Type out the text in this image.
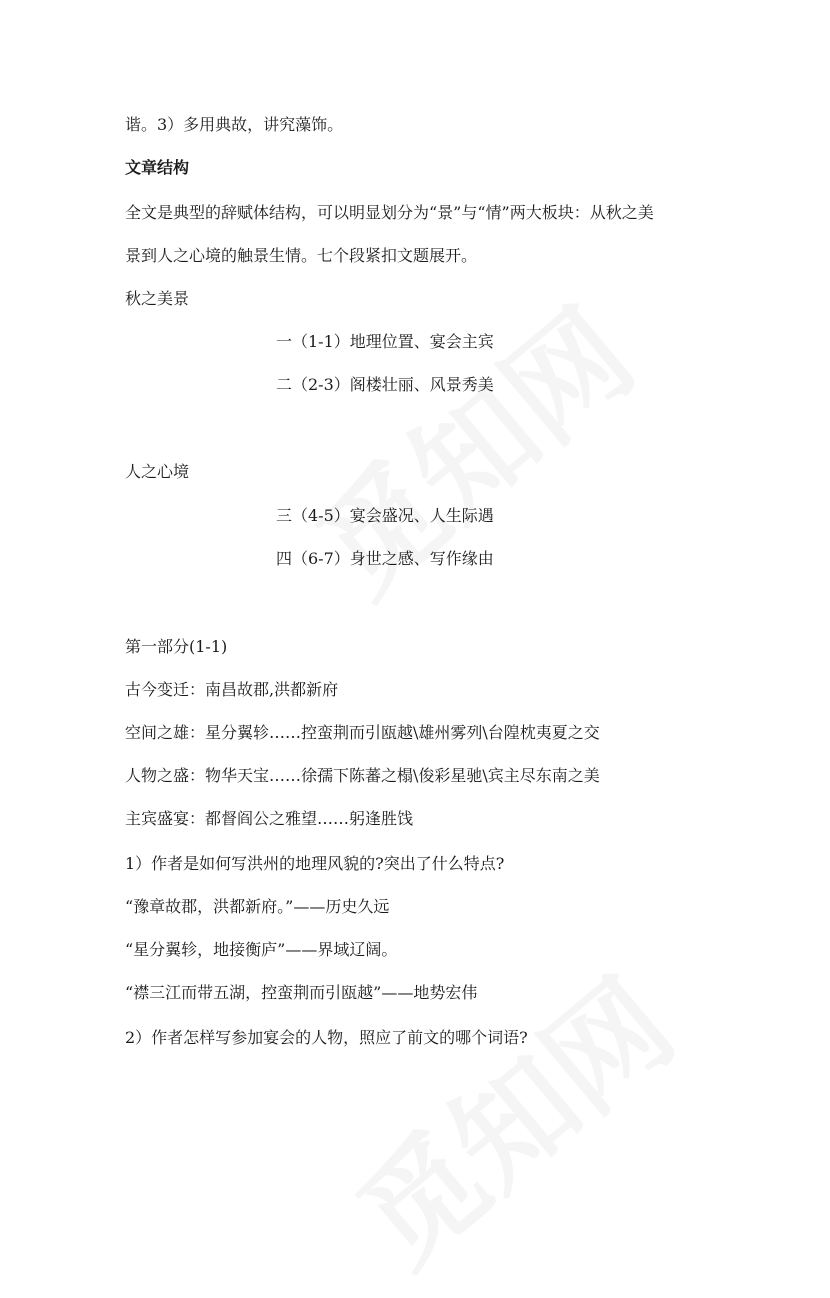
谐。3）多用典故，讲究藻饰。
文章结构
全文是典型的辞赋体结构，可以明显划分为“景”与“情”两大板块：从秋之美
景到人之心境的触景生情。七个段紧扣文题展开。
秋之美景
一（1-1）地理位置、宴会主宾
二（2-3）阁楼壮丽、风景秀美
人之心境
三（4-5）宴会盛况、人生际遇
四（6-7）身世之感、写作缘由
第一部分(1-1)
古今变迁：南昌故郡,洪都新府
空间之雄：星分翼轸……控蛮荆而引瓯越\雄州雾列\台隍枕夷夏之交
人物之盛：物华天宝……徐孺下陈蕃之榻\俊彩星驰\宾主尽东南之美
主宾盛宴：都督阎公之雅望……躬逢胜饯
1）作者是如何写洪州的地理风貌的?突出了什么特点?
“豫章故郡，洪都新府。”——历史久远
“星分翼轸，地接衡庐”——界域辽阔。
“襟三江而带五湖，控蛮荆而引瓯越”——地势宏伟
2）作者怎样写参加宴会的人物，照应了前文的哪个词语?
